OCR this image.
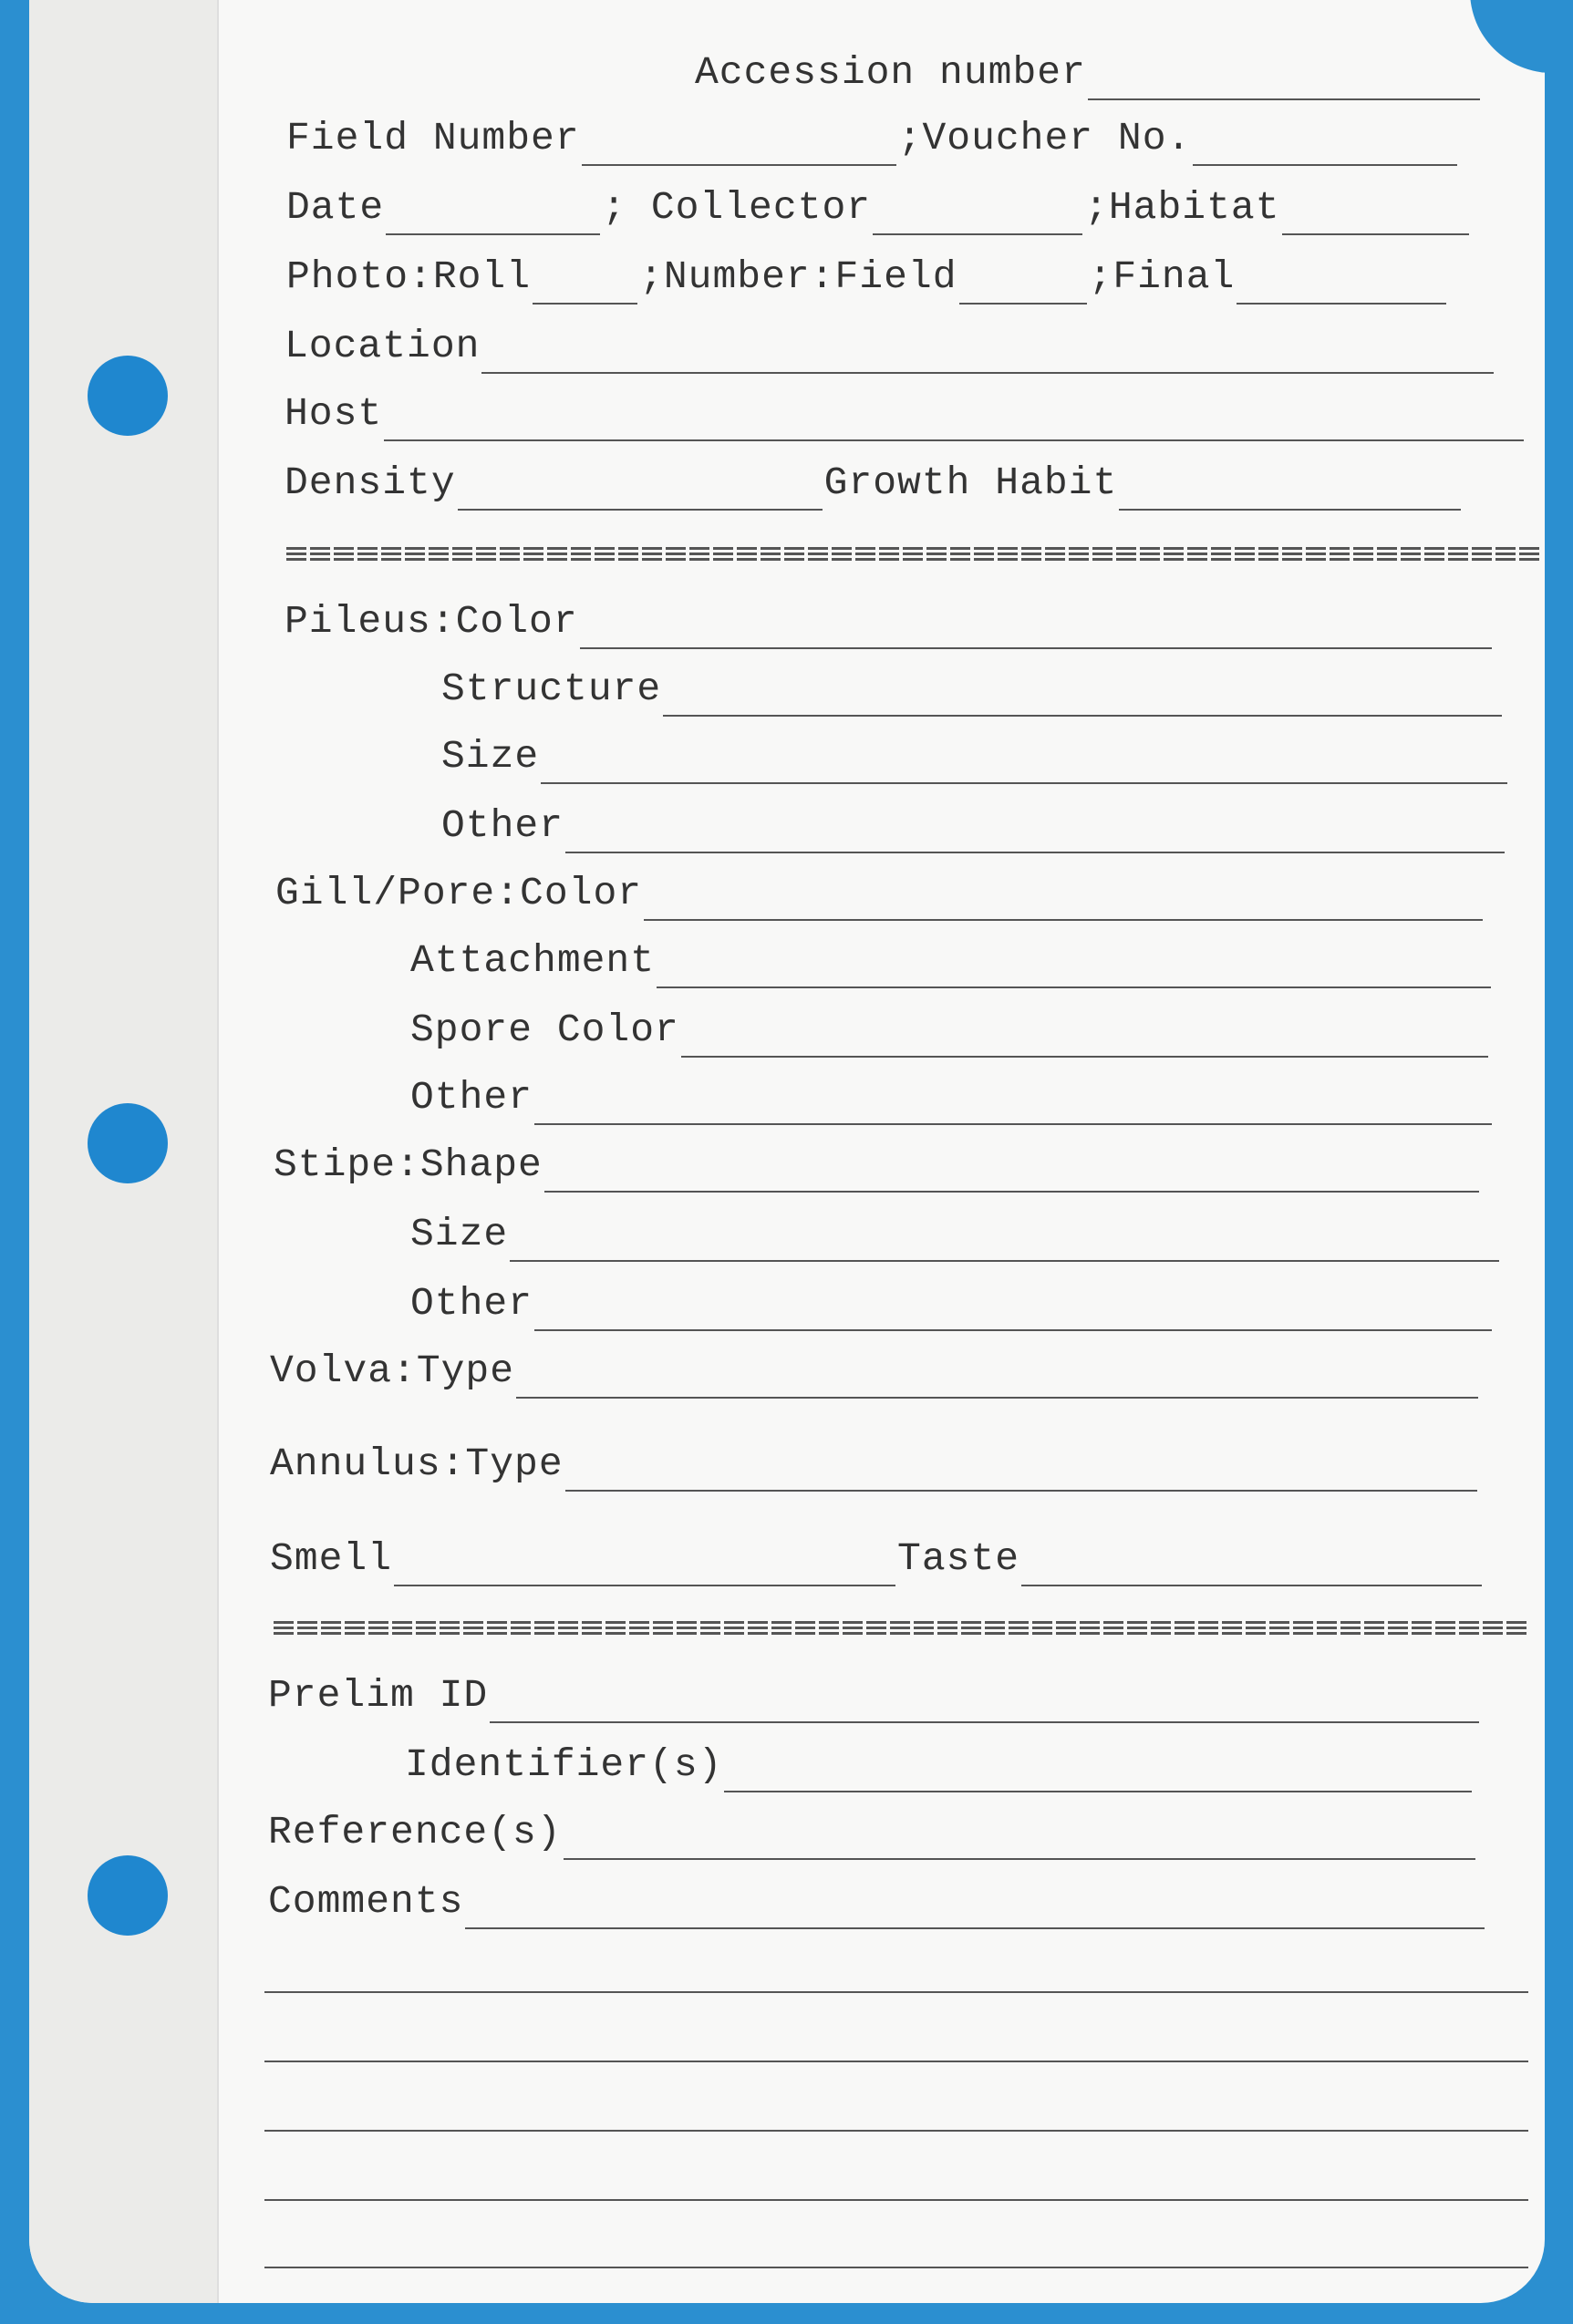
Accession number
Field Number	;Voucher No.
Date	; Collector	;Habitat
Photo:Roll	;Number:Field	;Final
Location
Host
Density	Growth Habit
Pileus:Color
Structure
Size
Other
Gill/Pore:Color
Attachment
Spore Color
Other
Stipe:Shape
Size
Other
Volva:Type
Annulus:Type
Smell	Taste
Prelim ID
Identifier(s)
Reference(s)
Comments
